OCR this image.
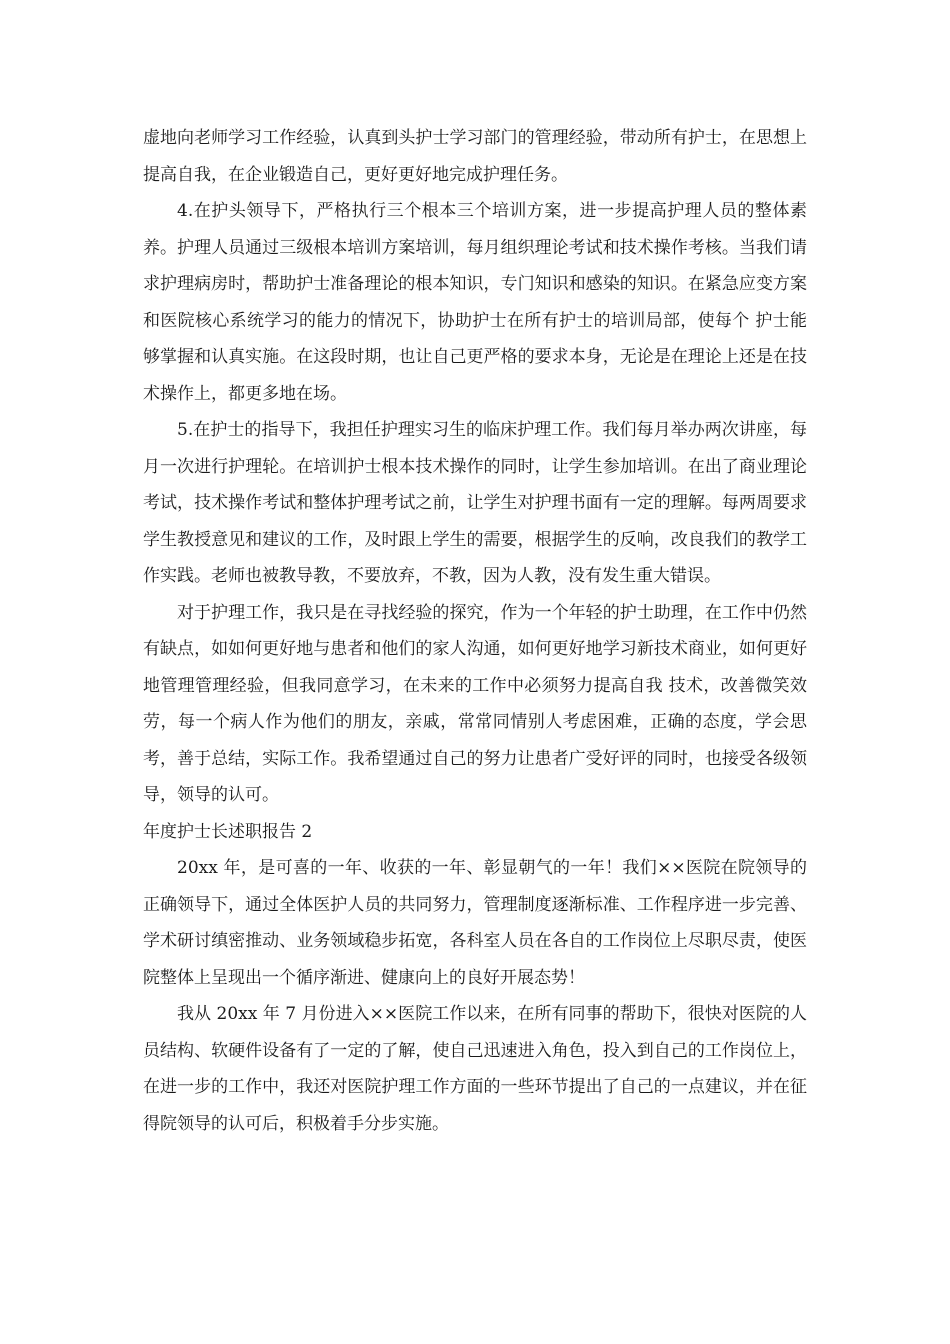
虚地向老师学习工作经验，认真到头护士学习部门的管理经验，带动所有护士，在思想上提高自我，在企业锻造自己，更好更好地完成护理任务。

4.在护头领导下，严格执行三个根本三个培训方案，进一步提高护理人员的整体素养。护理人员通过三级根本培训方案培训，每月组织理论考试和技术操作考核。当我们请求护理病房时，帮助护士准备理论的根本知识，专门知识和感染的知识。在紧急应变方案和医院核心系统学习的能力的情况下，协助护士在所有护士的培训局部，使每个 护士能够掌握和认真实施。在这段时期，也让自己更严格的要求本身，无论是在理论上还是在技术操作上，都更多地在场。

5.在护士的指导下，我担任护理实习生的临床护理工作。我们每月举办两次讲座，每月一次进行护理轮。在培训护士根本技术操作的同时，让学生参加培训。在出了商业理论考试，技术操作考试和整体护理考试之前，让学生对护理书面有一定的理解。每两周要求学生教授意见和建议的工作，及时跟上学生的需要，根据学生的反响，改良我们的教学工作实践。老师也被教导教，不要放弃，不教，因为人教，没有发生重大错误。

对于护理工作，我只是在寻找经验的探究，作为一个年轻的护士助理，在工作中仍然有缺点，如如何更好地与患者和他们的家人沟通，如何更好地学习新技术商业，如何更好地管理管理经验，但我同意学习，在未来的工作中必须努力提高自我 技术，改善微笑效劳，每一个病人作为他们的朋友，亲戚，常常同情别人考虑困难，正确的态度，学会思考，善于总结，实际工作。我希望通过自己的努力让患者广受好评的同时，也接受各级领导，领导的认可。

年度护士长述职报告 2

20xx 年，是可喜的一年、收获的一年、彰显朝气的一年！我们××医院在院领导的正确领导下，通过全体医护人员的共同努力，管理制度逐渐标准、工作程序进一步完善、学术研讨缜密推动、业务领域稳步拓宽，各科室人员在各自的工作岗位上尽职尽责，使医院整体上呈现出一个循序渐进、健康向上的良好开展态势！

我从 20xx 年 7 月份进入××医院工作以来，在所有同事的帮助下，很快对医院的人员结构、软硬件设备有了一定的了解，使自己迅速进入角色，投入到自己的工作岗位上，在进一步的工作中，我还对医院护理工作方面的一些环节提出了自己的一点建议，并在征得院领导的认可后，积极着手分步实施。
